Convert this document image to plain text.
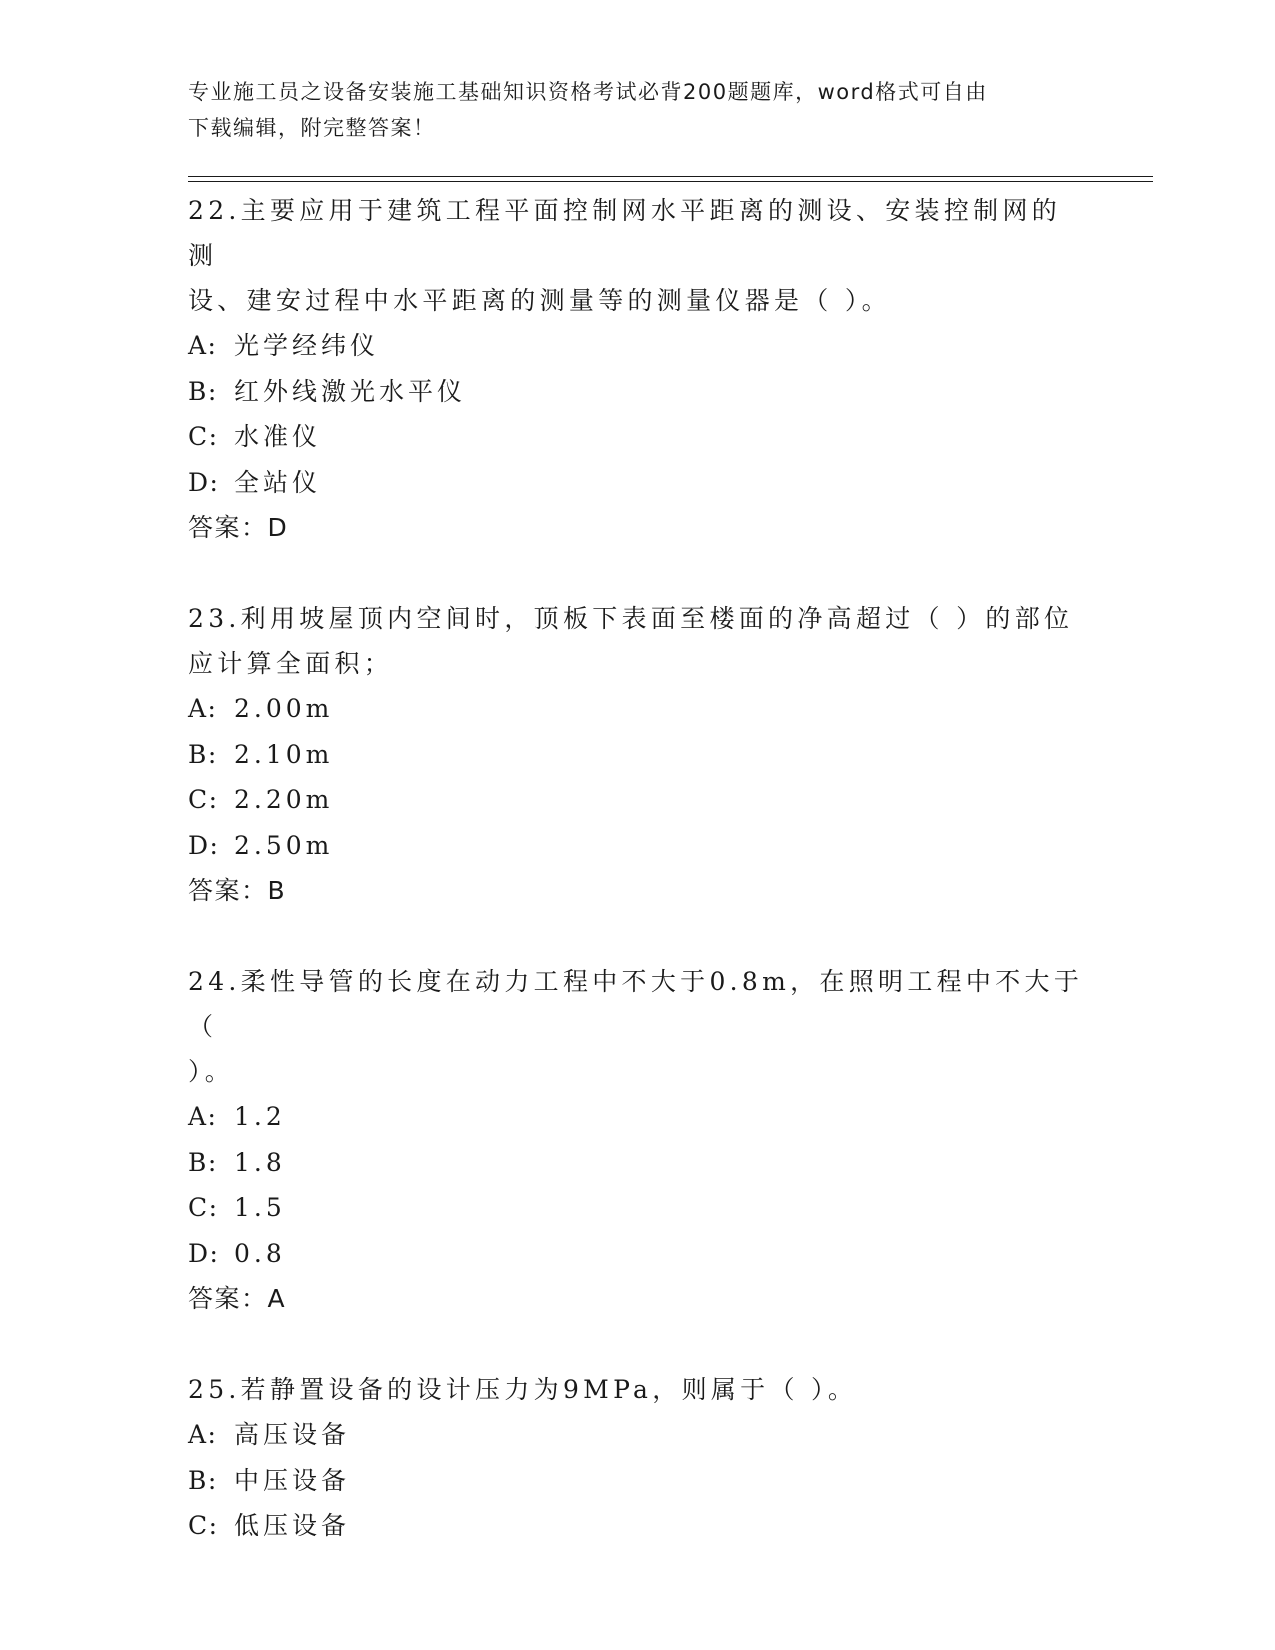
专业施工员之设备安装施工基础知识资格考试必背200题题库，word格式可自由
下载编辑，附完整答案！
22.主要应用于建筑工程平面控制网水平距离的测设、安装控制网的测
设、建安过程中水平距离的测量等的测量仪器是（ ）。
A: 光学经纬仪
B: 红外线激光水平仪
C: 水准仪
D: 全站仪
答案：D
23.利用坡屋顶内空间时，顶板下表面至楼面的净高超过（ ）的部位
应计算全面积；
A: 2.00m
B: 2.10m
C: 2.20m
D: 2.50m
答案：B
24.柔性导管的长度在动力工程中不大于0.8m，在照明工程中不大于（
）。
A: 1.2
B: 1.8
C: 1.5
D: 0.8
答案：A
25.若静置设备的设计压力为9MPa，则属于（ ）。
A: 高压设备
B: 中压设备
C: 低压设备
